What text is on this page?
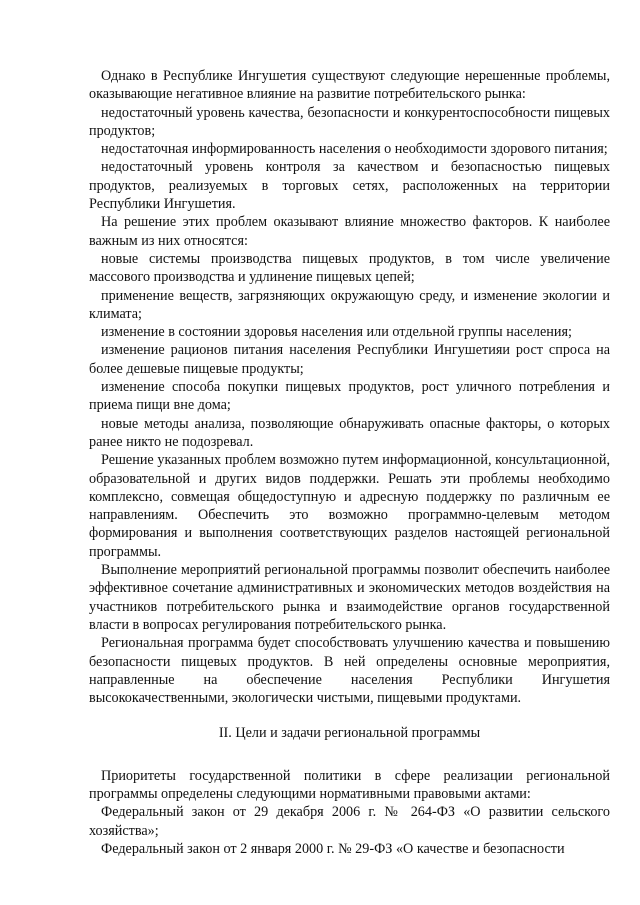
Однако в Республике Ингушетия существуют следующие нерешенные проблемы, оказывающие негативное влияние на развитие потребительского рынка:

недостаточный уровень качества, безопасности и конкурентоспособности пищевых продуктов;

недостаточная информированность населения о необходимости здорового питания;

недостаточный уровень контроля за качеством и безопасностью пищевых продуктов, реализуемых в торговых сетях, расположенных на территории Республики Ингушетия.

На решение этих проблем оказывают влияние множество факторов. К наиболее важным из них относятся:

новые системы производства пищевых продуктов, в том числе увеличение массового производства и удлинение пищевых цепей;

применение веществ, загрязняющих окружающую среду, и изменение экологии и климата;

изменение в состоянии здоровья населения или отдельной группы населения;

изменение рационов питания населения Республики Ингушетияи рост спроса на более дешевые пищевые продукты;

изменение способа покупки пищевых продуктов, рост уличного потребления и приема пищи вне дома;

новые методы анализа, позволяющие обнаруживать опасные факторы, о которых ранее никто не подозревал.

Решение указанных проблем возможно путем информационной, консультационной, образовательной и других видов поддержки. Решать эти проблемы необходимо комплексно, совмещая общедоступную и адресную поддержку по различным ее направлениям. Обеспечить это возможно программно-целевым методом формирования и выполнения соответствующих разделов настоящей региональной программы.

Выполнение мероприятий региональной программы позволит обеспечить наиболее эффективное сочетание административных и экономических методов воздействия на участников потребительского рынка и взаимодействие органов государственной власти в вопросах регулирования потребительского рынка.

Региональная программа будет способствовать улучшению качества и повышению безопасности пищевых продуктов. В ней определены основные мероприятия, направленные на обеспечение населения Республики Ингушетия высококачественными, экологически чистыми, пищевыми продуктами.

II. Цели и задачи региональной программы

Приоритеты государственной политики в сфере реализации региональной программы определены следующими нормативными правовыми актами:

Федеральный закон от 29 декабря 2006 г. № 264-ФЗ «О развитии сельского хозяйства»;

Федеральный закон от 2 января 2000 г. № 29-ФЗ «О качестве и безопасности
